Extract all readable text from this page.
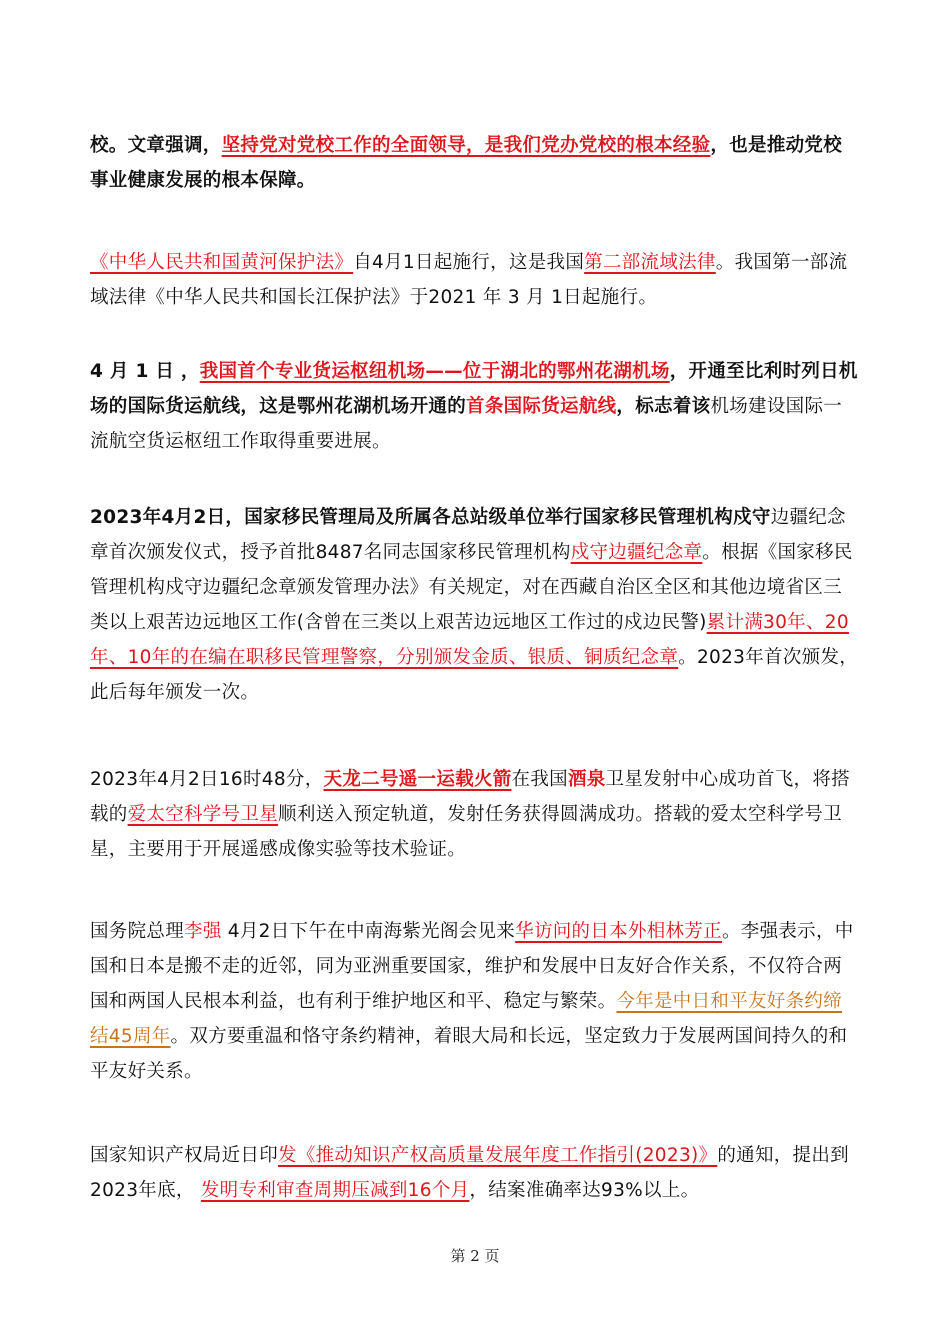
校。文章强调，坚持党对党校工作的全面领导，是我们党办党校的根本经验，也是推动党校事业健康发展的根本保障。
《中华人民共和国黄河保护法》自4月1日起施行，这是我国第二部流域法律。我国第一部流域法律《中华人民共和国长江保护法》于2021 年 3 月 1日起施行。
4 月 1 日 ，我国首个专业货运枢纽机场——位于湖北的鄂州花湖机场，开通至比利时列日机场的国际货运航线，这是鄂州花湖机场开通的首条国际货运航线，标志着该机场建设国际一流航空货运枢纽工作取得重要进展。
2023年4月2日，国家移民管理局及所属各总站级单位举行国家移民管理机构戍守边疆纪念章首次颁发仪式，授予首批8487名同志国家移民管理机构戍守边疆纪念章。根据《国家移民管理机构戍守边疆纪念章颁发管理办法》有关规定，对在西藏自治区全区和其他边境省区三类以上艰苦边远地区工作(含曾在三类以上艰苦边远地区工作过的戍边民警)累计满30年、20年、10年的在编在职移民管理警察，分别颁发金质、银质、铜质纪念章。2023年首次颁发，此后每年颁发一次。
2023年4月2日16时48分，天龙二号遥一运载火箭在我国酒泉卫星发射中心成功首飞，将搭载的爱太空科学号卫星顺利送入预定轨道，发射任务获得圆满成功。搭载的爱太空科学号卫星，主要用于开展遥感成像实验等技术验证。
国务院总理李强 4月2日下午在中南海紫光阁会见来华访问的日本外相林芳正。李强表示，中国和日本是搬不走的近邻，同为亚洲重要国家，维护和发展中日友好合作关系，不仅符合两国和两国人民根本利益，也有利于维护地区和平、稳定与繁荣。今年是中日和平友好条约缔结45周年。双方要重温和恪守条约精神，着眼大局和长远，坚定致力于发展两国间持久的和平友好关系。
国家知识产权局近日印发《推动知识产权高质量发展年度工作指引(2023)》的通知，提出到2023年底， 发明专利审查周期压减到16个月，结案准确率达93%以上。
第 2 页
